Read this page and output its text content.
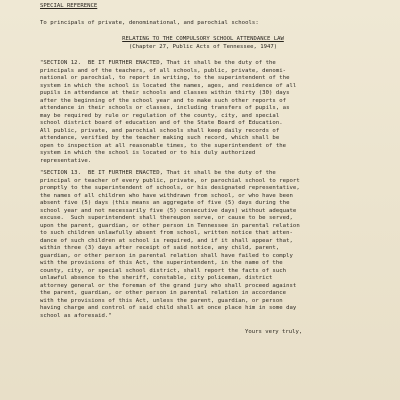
SPECIAL REFERENCE
To principals of private, denominational, and parochial schools:
RELATING TO THE COMPULSORY SCHOOL ATTENDANCE LAW
(Chapter 27, Public Acts of Tennessee, 1947)
"SECTION 12.  BE IT FURTHER ENACTED, That it shall be the duty of the
principals and of the teachers, of all schools, public, private, denomi-
national or parochial, to report in writing, to the superintendent of the
system in which the school is located the names, ages, and residence of all
pupils in attendance at their schools and classes within thirty (30) days
after the beginning of the school year and to make such other reports of
attendance in their schools or classes, including transfers of pupils, as
may be required by rule or regulation of the county, city, and special
school district board of education and of the State Board of Education.
All public, private, and parochial schools shall keep daily records of
attendance, verified by the teacher making such record, which shall be
open to inspection at all reasonable times, to the superintendent of the
system in which the school is located or to his duly authorized
representative.
"SECTION 13.  BE IT FURTHER ENACTED, That it shall be the duty of the
principal or teacher of every public, private, or parochial school to report
promptly to the superintendent of schools, or his designated representative,
the names of all children who have withdrawn from school, or who have been
absent five (5) days (this means an aggregate of five (5) days during the
school year and not necessarily five (5) consecutive days) without adequate
excuse.  Such superintendent shall thereupon serve, or cause to be served,
upon the parent, guardian, or other person in Tennessee in parental relation
to such children unlawfully absent from school, written notice that atten-
dance of such children at school is required, and if it shall appear that,
within three (3) days after receipt of said notice, any child, parent,
guardian, or other person in parental relation shall have failed to comply
with the provisions of this Act, the superintendent, in the name of the
county, city, or special school district, shall report the facts of such
unlawful absence to the sheriff, constable, city policeman, district
attorney general or the foreman of the grand jury who shall proceed against
the parent, guardian, or other person in parental relation in accordance
with the provisions of this Act, unless the parent, guardian, or person
having charge and control of said child shall at once place him in some day
school as aforesaid."
Yours very truly,
